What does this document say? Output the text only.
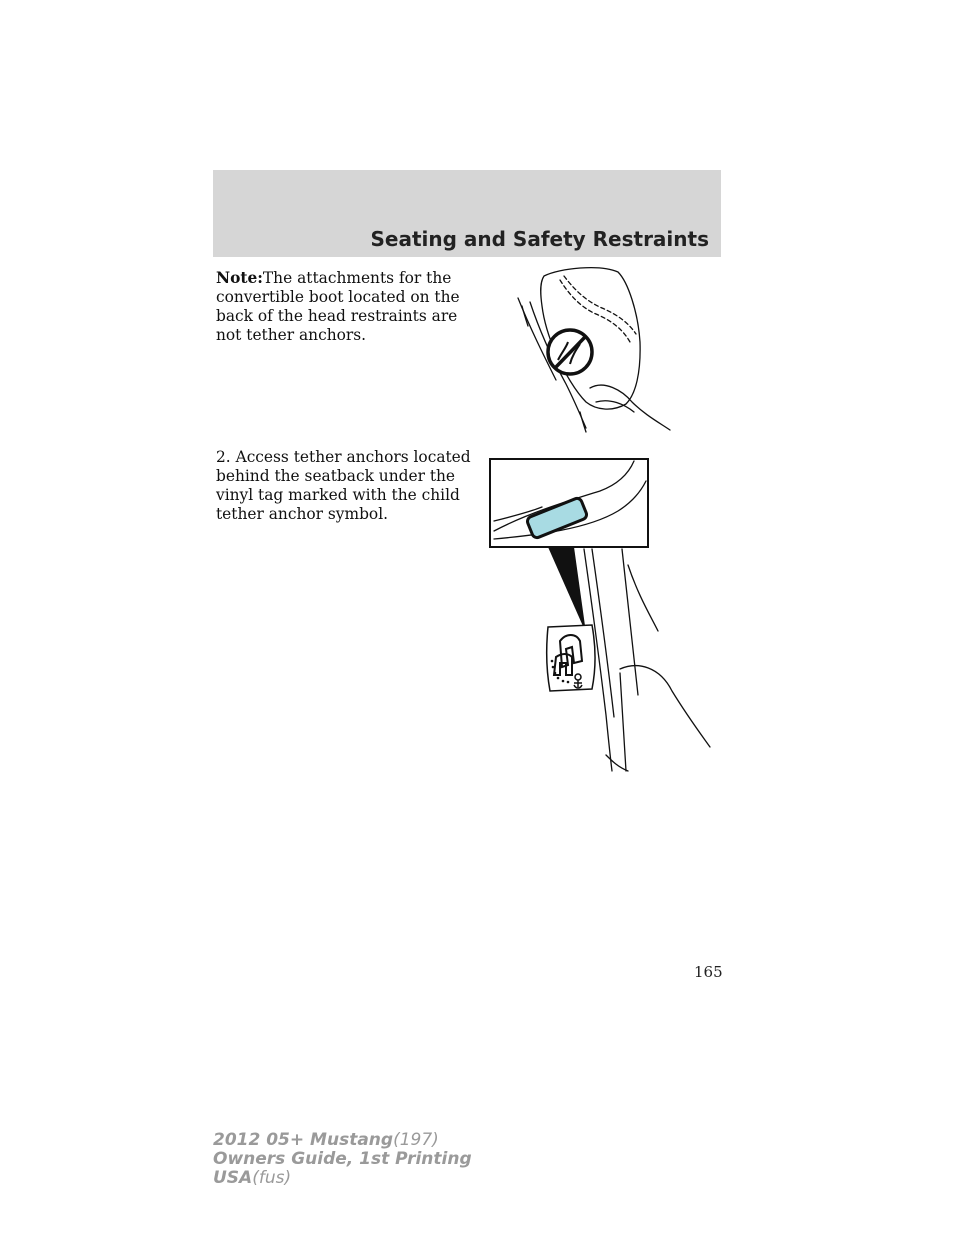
Seating and Safety Restraints

Note:The attachments for the convertible boot located on the back of the head restraints are not tether anchors.

2. Access tether anchors located behind the seatback under the vinyl tag marked with the child tether anchor symbol.

165
2012 05+ Mustang(197)
Owners Guide, 1st Printing
USA(fus)
